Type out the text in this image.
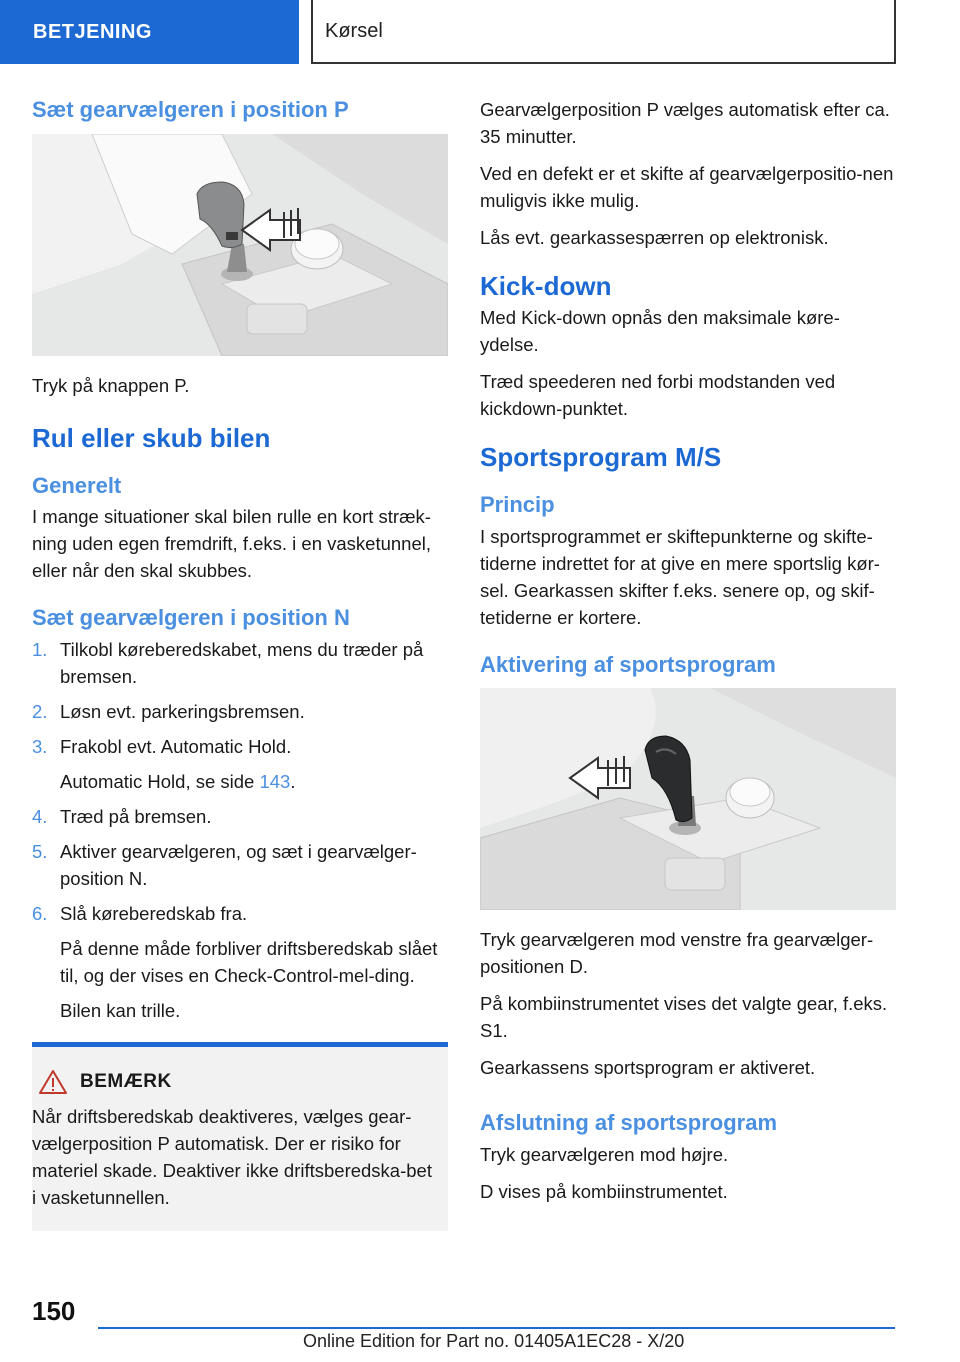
BETJENING	Kørsel
Sæt gearvælgeren i position P

Tryk på knappen P.

Rul eller skub bilen
Generelt

I mange situationer skal bilen rulle en kort stræk-ning uden egen fremdrift, f.eks. i en vasketunnel, eller når den skal skubbes.

Sæt gearvælgeren i position N
1. Tilkobl køreberedskabet, mens du træder på bremsen.
2. Løsn evt. parkeringsbremsen.
3. Frakobl evt. Automatic Hold.
Automatic Hold, se side 143.
4. Træd på bremsen.
5. Aktiver gearvælgeren, og sæt i gearvælger-position N.
6. Slå køreberedskab fra.
På denne måde forbliver driftsberedskab slået til, og der vises en Check-Control-mel-ding.
Bilen kan trille.
BEMÆRK

Når driftsberedskab deaktiveres, vælges gear-vælgerposition P automatisk. Der er risiko for materiel skade. Deaktiver ikke driftsberedska-bet i vasketunnellen.

Gearvælgerposition P vælges automatisk efter ca. 35 minutter.

Ved en defekt er et skifte af gearvælgerpositio-nen muligvis ikke mulig.

Lås evt. gearkassespærren op elektronisk.

Kick-down

Med Kick-down opnås den maksimale køre-ydelse.

Træd speederen ned forbi modstanden ved kickdown-punktet.

Sportsprogram M/S
Princip

I sportsprogrammet er skiftepunkterne og skifte-tiderne indrettet for at give en mere sportslig kør-sel. Gearkassen skifter f.eks. senere op, og skif-tetiderne er kortere.

Aktivering af sportsprogram

Tryk gearvælgeren mod venstre fra gearvælger-positionen D.

På kombiinstrumentet vises det valgte gear, f.eks. S1.

Gearkassens sportsprogram er aktiveret.

Afslutning af sportsprogram

Tryk gearvælgeren mod højre.

D vises på kombiinstrumentet.

150
Online Edition for Part no. 01405A1EC28 - X/20
